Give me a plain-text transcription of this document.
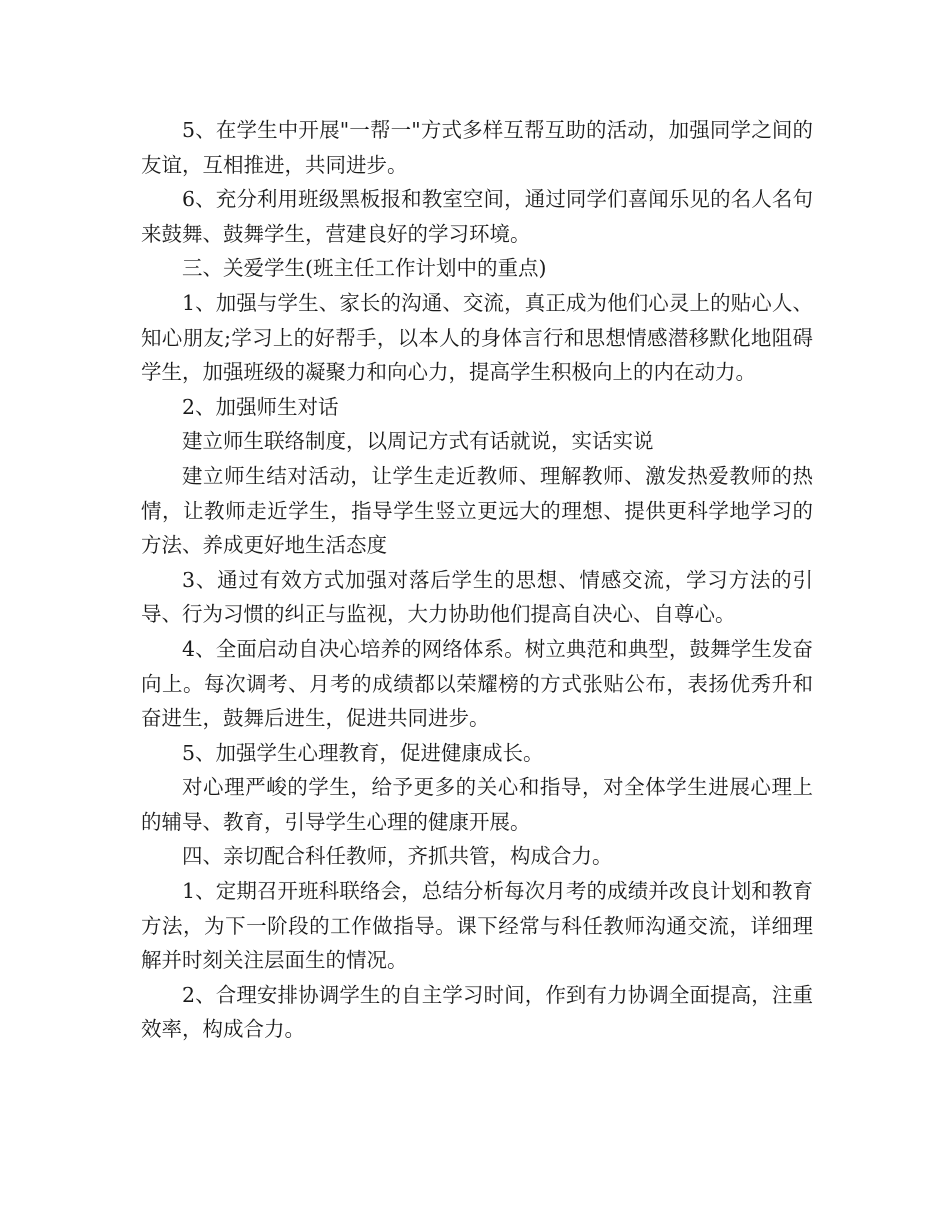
5、在学生中开展"一帮一"方式多样互帮互助的活动，加强同学之间的友谊，互相推进，共同进步。

6、充分利用班级黑板报和教室空间，通过同学们喜闻乐见的名人名句来鼓舞、鼓舞学生，营建良好的学习环境。

三、关爱学生(班主任工作计划中的重点)

1、加强与学生、家长的沟通、交流，真正成为他们心灵上的贴心人、知心朋友;学习上的好帮手，以本人的身体言行和思想情感潜移默化地阻碍学生，加强班级的凝聚力和向心力，提高学生积极向上的内在动力。

2、加强师生对话

建立师生联络制度，以周记方式有话就说，实话实说

建立师生结对活动，让学生走近教师、理解教师、激发热爱教师的热情，让教师走近学生，指导学生竖立更远大的理想、提供更科学地学习的方法、养成更好地生活态度

3、通过有效方式加强对落后学生的思想、情感交流，学习方法的引导、行为习惯的纠正与监视，大力协助他们提高自决心、自尊心。

4、全面启动自决心培养的网络体系。树立典范和典型，鼓舞学生发奋向上。每次调考、月考的成绩都以荣耀榜的方式张贴公布，表扬优秀升和奋进生，鼓舞后进生，促进共同进步。

5、加强学生心理教育，促进健康成长。

对心理严峻的学生，给予更多的关心和指导，对全体学生进展心理上的辅导、教育，引导学生心理的健康开展。

四、亲切配合科任教师，齐抓共管，构成合力。

1、定期召开班科联络会，总结分析每次月考的成绩并改良计划和教育方法，为下一阶段的工作做指导。课下经常与科任教师沟通交流，详细理解并时刻关注层面生的情况。

2、合理安排协调学生的自主学习时间，作到有力协调全面提高，注重效率，构成合力。
